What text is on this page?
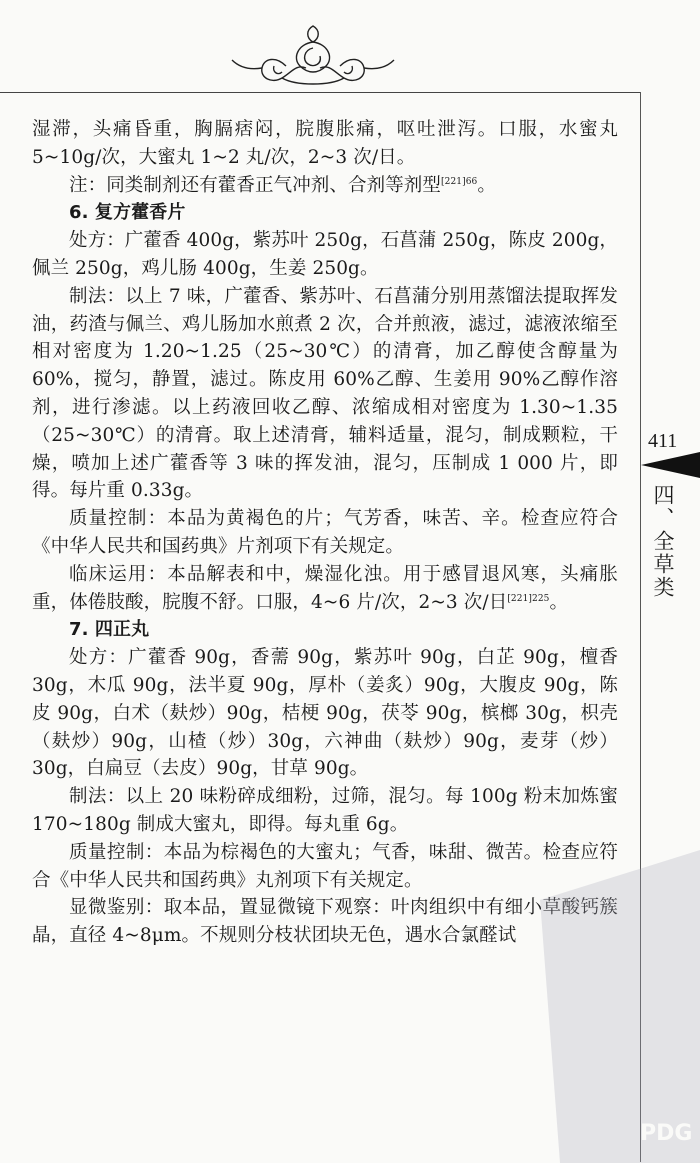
湿滞，头痛昏重，胸膈痞闷，脘腹胀痛，呕吐泄泻。口服，水蜜丸 5~10g/次，大蜜丸 1~2 丸/次，2~3 次/日。

注：同类制剂还有藿香正气冲剂、合剂等剂型$^{[221]66}$。

6. 复方藿香片

处方：广藿香 400g，紫苏叶 250g，石菖蒲 250g，陈皮 200g，佩兰 250g，鸡儿肠 400g，生姜 250g。

制法：以上 7 味，广藿香、紫苏叶、石菖蒲分别用蒸馏法提取挥发油，药渣与佩兰、鸡儿肠加水煎煮 2 次，合并煎液，滤过，滤液浓缩至相对密度为 1.20~1.25（25~30℃）的清膏，加乙醇使含醇量为 60%，搅匀，静置，滤过。陈皮用 60%乙醇、生姜用 90%乙醇作溶剂，进行渗滤。以上药液回收乙醇、浓缩成相对密度为 1.30~1.35（25~30℃）的清膏。取上述清膏，辅料适量，混匀，制成颗粒，干燥，喷加上述广藿香等 3 味的挥发油，混匀，压制成 1 000 片，即得。每片重 0.33g。

质量控制：本品为黄褐色的片；气芳香，味苦、辛。检查应符合《中华人民共和国药典》片剂项下有关规定。

临床运用：本品解表和中，燥湿化浊。用于感冒退风寒，头痛胀重，体倦肢酸，脘腹不舒。口服，4~6 片/次，2~3 次/日$^{[221]225}$。

7. 四正丸

处方：广藿香 90g，香薷 90g，紫苏叶 90g，白芷 90g，檀香 30g，木瓜 90g，法半夏 90g，厚朴（姜炙）90g，大腹皮 90g，陈皮 90g，白术（麸炒）90g，桔梗 90g，茯苓 90g，槟榔 30g，枳壳（麸炒）90g，山楂（炒）30g，六神曲（麸炒）90g，麦芽（炒）30g，白扁豆（去皮）90g，甘草 90g。

制法：以上 20 味粉碎成细粉，过筛，混匀。每 100g 粉末加炼蜜 170~180g 制成大蜜丸，即得。每丸重 6g。

质量控制：本品为棕褐色的大蜜丸；气香，味甜、微苦。检查应符合《中华人民共和国药典》丸剂项下有关规定。

显微鉴别：取本品，置显微镜下观察：叶肉组织中有细小草酸钙簇晶，直径 4~8μm。不规则分枝状团块无色，遇水合氯醛试

411
四、全草类
PDG
